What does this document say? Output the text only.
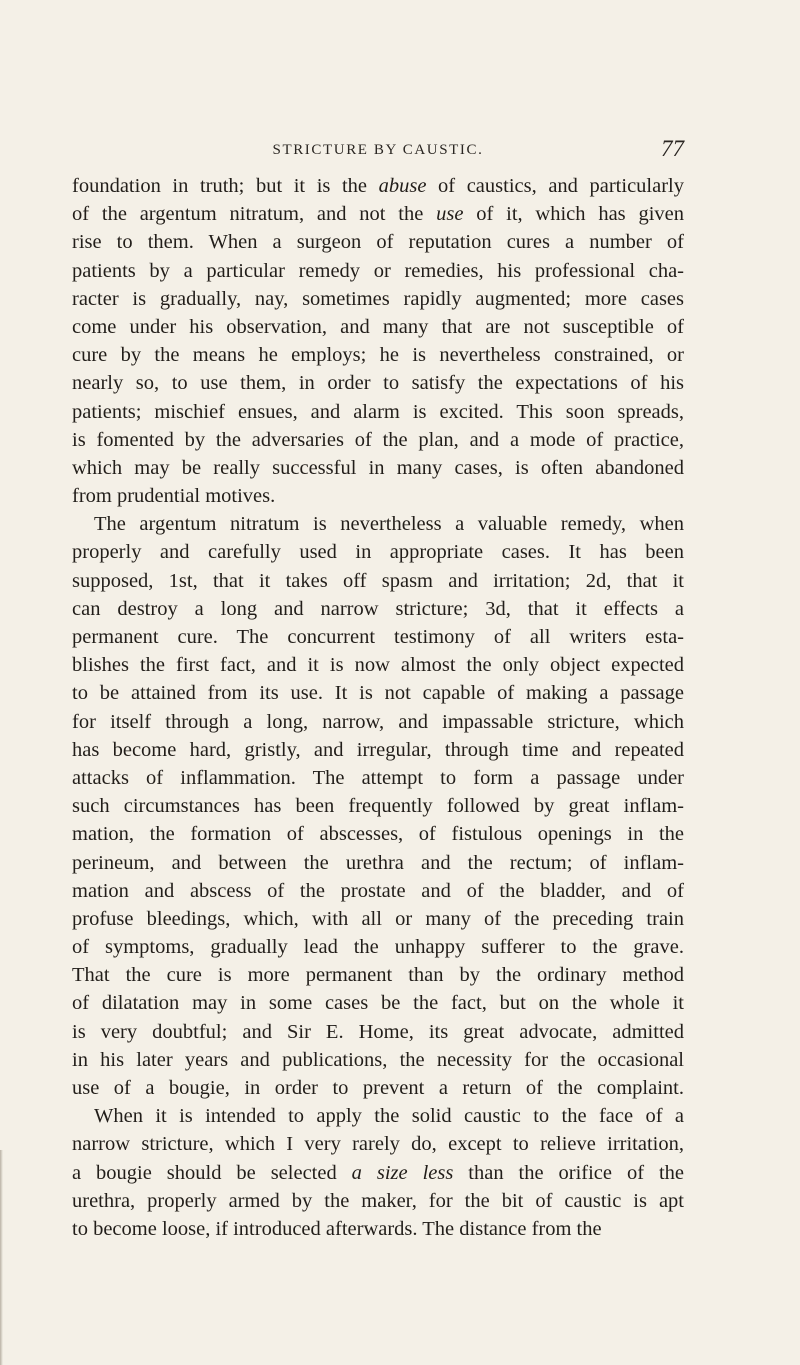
STRICTURE BY CAUSTIC.	77
foundation in truth; but it is the abuse of caustics, and particularly
of the argentum nitratum, and not the use of it, which has given
rise to them. When a surgeon of reputation cures a number of
patients by a particular remedy or remedies, his professional cha-
racter is gradually, nay, sometimes rapidly augmented; more cases
come under his observation, and many that are not susceptible of
cure by the means he employs; he is nevertheless constrained, or
nearly so, to use them, in order to satisfy the expectations of his
patients; mischief ensues, and alarm is excited. This soon spreads,
is fomented by the adversaries of the plan, and a mode of practice,
which may be really successful in many cases, is often abandoned
from prudential motives.
The argentum nitratum is nevertheless a valuable remedy, when
properly and carefully used in appropriate cases. It has been
supposed, 1st, that it takes off spasm and irritation; 2d, that it
can destroy a long and narrow stricture; 3d, that it effects a
permanent cure. The concurrent testimony of all writers esta-
blishes the first fact, and it is now almost the only object expected
to be attained from its use. It is not capable of making a passage
for itself through a long, narrow, and impassable stricture, which
has become hard, gristly, and irregular, through time and repeated
attacks of inflammation. The attempt to form a passage under
such circumstances has been frequently followed by great inflam-
mation, the formation of abscesses, of fistulous openings in the
perineum, and between the urethra and the rectum; of inflam-
mation and abscess of the prostate and of the bladder, and of
profuse bleedings, which, with all or many of the preceding train
of symptoms, gradually lead the unhappy sufferer to the grave.
That the cure is more permanent than by the ordinary method
of dilatation may in some cases be the fact, but on the whole it
is very doubtful; and Sir E. Home, its great advocate, admitted
in his later years and publications, the necessity for the occasional
use of a bougie, in order to prevent a return of the complaint.
When it is intended to apply the solid caustic to the face of a
narrow stricture, which I very rarely do, except to relieve irritation,
a bougie should be selected a size less than the orifice of the
urethra, properly armed by the maker, for the bit of caustic is apt
to become loose, if introduced afterwards. The distance from the
